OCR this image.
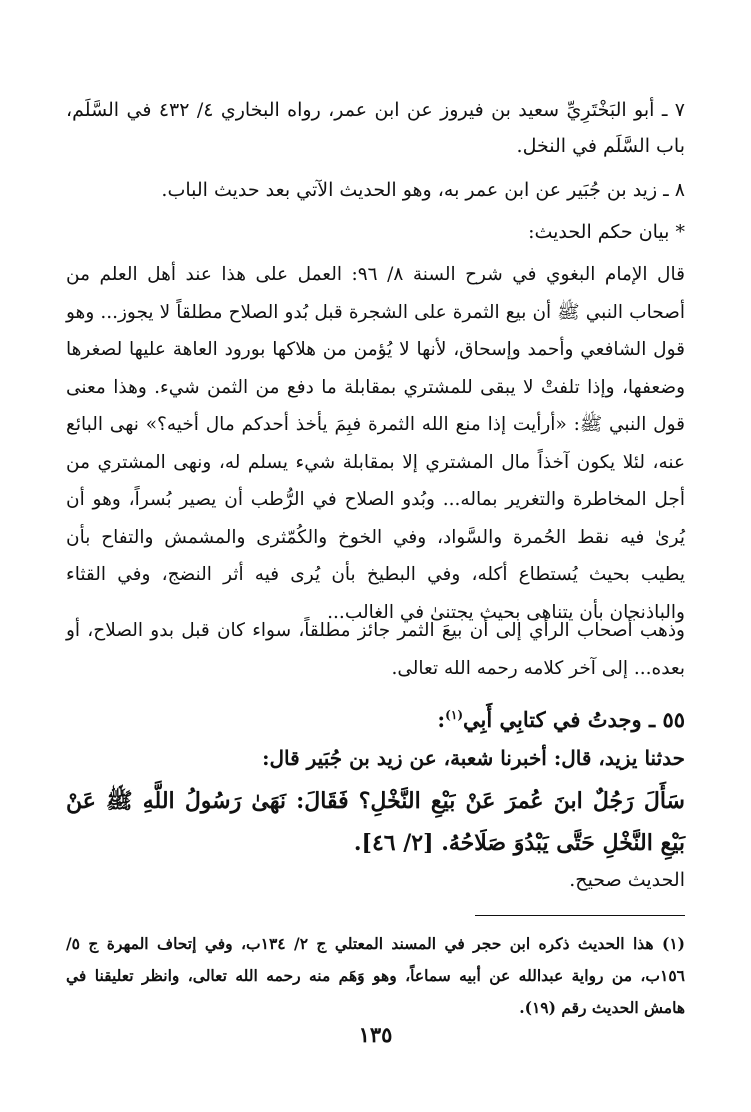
٧ ـ أبو البَخْتَرِيِّ سعيد بن فيروز عن ابن عمر، رواه البخاري ٤/ ٤٣٢ في السَّلَم، باب السَّلَم في النخل.
٨ ـ زيد بن جُبَير عن ابن عمر به، وهو الحديث الآتي بعد حديث الباب.
* بيان حكم الحديث:
قال الإمام البغوي في شرح السنة ٨/ ٩٦: العمل على هذا عند أهل العلم من أصحاب النبي ﷺ أن بيع الثمرة على الشجرة قبل بُدو الصلاح مطلقاً لا يجوز... وهو قول الشافعي وأحمد وإسحاق، لأنها لا يُؤمن من هلاكها بورود العاهة عليها لصغرها وضعفها، وإذا تلفتْ لا يبقى للمشتري بمقابلة ما دفع من الثمن شيء. وهذا معنى قول النبي ﷺ: «أرأيت إذا منع الله الثمرة فبِمَ يأخذ أحدكم مال أخيه؟» نهى البائع عنه، لئلا يكون آخذاً مال المشتري إلا بمقابلة شيء يسلم له، ونهى المشتري من أجل المخاطرة والتغرير بماله... وبُدو الصلاح في الرُّطب أن يصير بُسراً، وهو أن يُرىٰ فيه نقط الحُمرة والسَّواد، وفي الخوخ والكُمّثرى والمشمش والتفاح بأن يطيب بحيث يُستطاع أكله، وفي البطيخ بأن يُرى فيه أثر النضج، وفي القثاء والباذنجان بأن يتناهى بحيث يجتنىٰ في الغالب...
وذهب أصحاب الرأي إلى أن بيعَ الثمر جائز مطلقاً، سواء كان قبل بدو الصلاح، أو بعده... إلى آخر كلامه رحمه الله تعالى.
٥٥ ـ وجدتُ في كتابِي أَبِي$^{(١)}$:
حدثنا يزيد، قال: أخبرنا شعبة، عن زيد بن جُبَير قال:
سَأَلَ رَجُلٌ ابنَ عُمرَ عَنْ بَيْعِ النَّخْلِ؟ فَقَالَ: نَهَىٰ رَسُولُ اللَّهِ ﷺ عَنْ بَيْعِ النَّخْلِ حَتَّى يَبْدُوَ صَلَاحُهُ. [٢/ ٤٦].
الحديث صحيح.
(١) هذا الحديث ذكره ابن حجر في المسند المعتلي ج ٢/ ١٣٤ب، وفي إتحاف المهرة ج ٥/ ١٥٦ب، من رواية عبدالله عن أبيه سماعاً، وهو وَهَم منه رحمه الله تعالى، وانظر تعليقنا في هامش الحديث رقم (١٩).
١٣٥
